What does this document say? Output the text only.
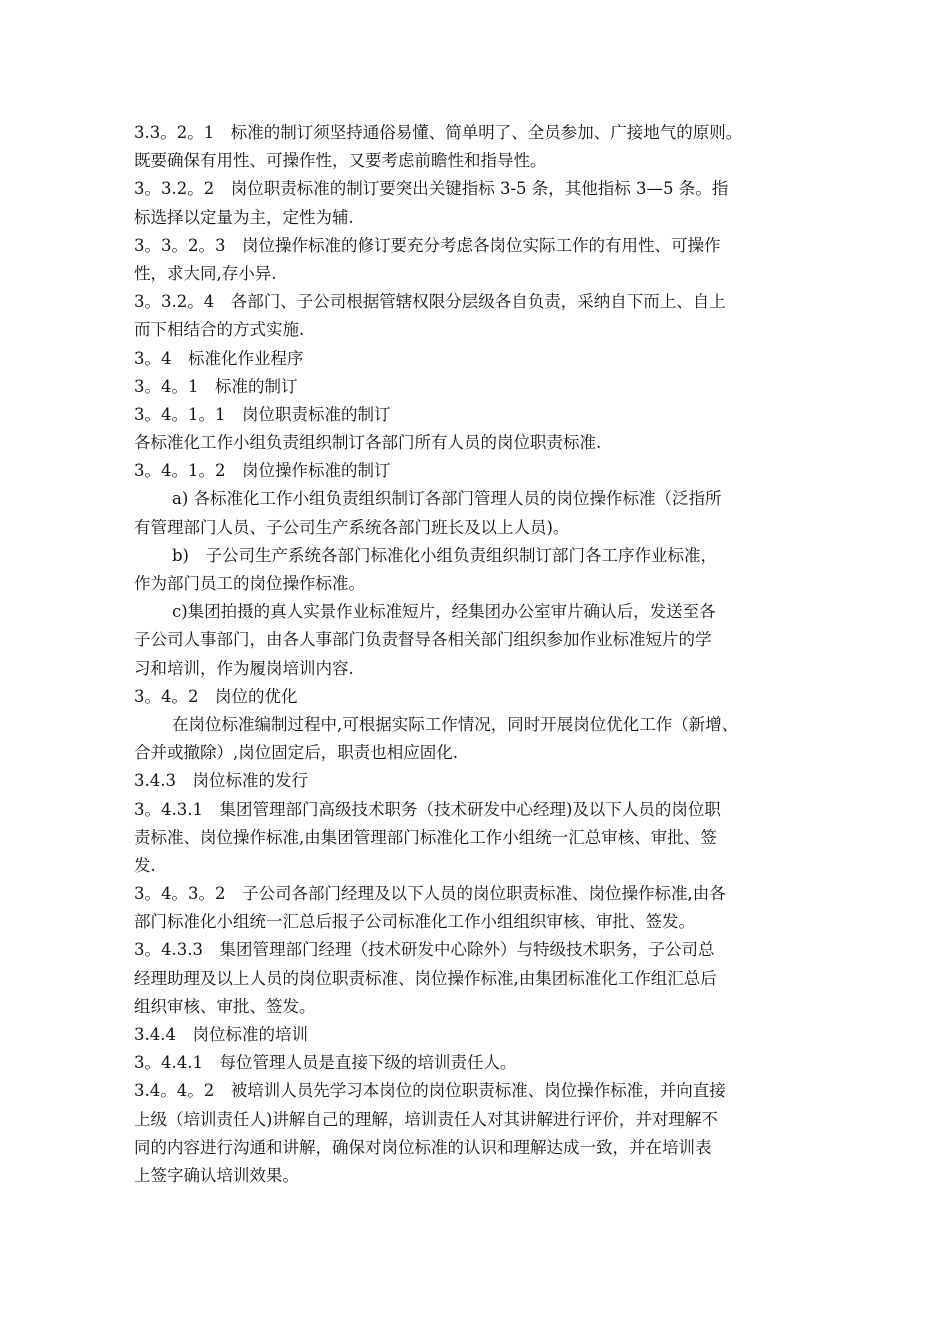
3.3。2。1　标准的制订须坚持通俗易懂、简单明了、全员参加、广接地气的原则。
既要确保有用性、可操作性，又要考虑前瞻性和指导性。
3。3.2。2　岗位职责标准的制订要突出关键指标 3-5 条，其他指标 3—5 条。指
标选择以定量为主，定性为辅.
3。3。2。3　岗位操作标准的修订要充分考虑各岗位实际工作的有用性、可操作
性，求大同,存小异.
3。3.2。4　各部门、子公司根据管辖权限分层级各自负责，采纳自下而上、自上
而下相结合的方式实施.
3。4　标准化作业程序
3。4。1　标准的制订
3。4。1。1　岗位职责标准的制订
各标准化工作小组负责组织制订各部门所有人员的岗位职责标准.
3。4。1。2　岗位操作标准的制订
a) 各标准化工作小组负责组织制订各部门管理人员的岗位操作标准（泛指所
有管理部门人员、子公司生产系统各部门班长及以上人员)。
b)　子公司生产系统各部门标准化小组负责组织制订部门各工序作业标准，
作为部门员工的岗位操作标准。
c)集团拍摄的真人实景作业标准短片，经集团办公室审片确认后，发送至各
子公司人事部门，由各人事部门负责督导各相关部门组织参加作业标准短片的学
习和培训，作为履岗培训内容.
3。4。2　岗位的优化
在岗位标准编制过程中,可根据实际工作情况，同时开展岗位优化工作（新增、
合并或撤除）,岗位固定后，职责也相应固化.
3.4.3　岗位标准的发行
3。4.3.1　集团管理部门高级技术职务（技术研发中心经理)及以下人员的岗位职
责标准、岗位操作标准,由集团管理部门标准化工作小组统一汇总审核、审批、签
发.
3。4。3。2　子公司各部门经理及以下人员的岗位职责标准、岗位操作标准,由各
部门标准化小组统一汇总后报子公司标准化工作小组组织审核、审批、签发。
3。4.3.3　集团管理部门经理（技术研发中心除外）与特级技术职务，子公司总
经理助理及以上人员的岗位职责标准、岗位操作标准,由集团标准化工作组汇总后
组织审核、审批、签发。
3.4.4　岗位标准的培训
3。4.4.1　每位管理人员是直接下级的培训责任人。
3.4。4。2　被培训人员先学习本岗位的岗位职责标准、岗位操作标准，并向直接
上级（培训责任人)讲解自己的理解，培训责任人对其讲解进行评价，并对理解不
同的内容进行沟通和讲解，确保对岗位标准的认识和理解达成一致，并在培训表
上签字确认培训效果。
